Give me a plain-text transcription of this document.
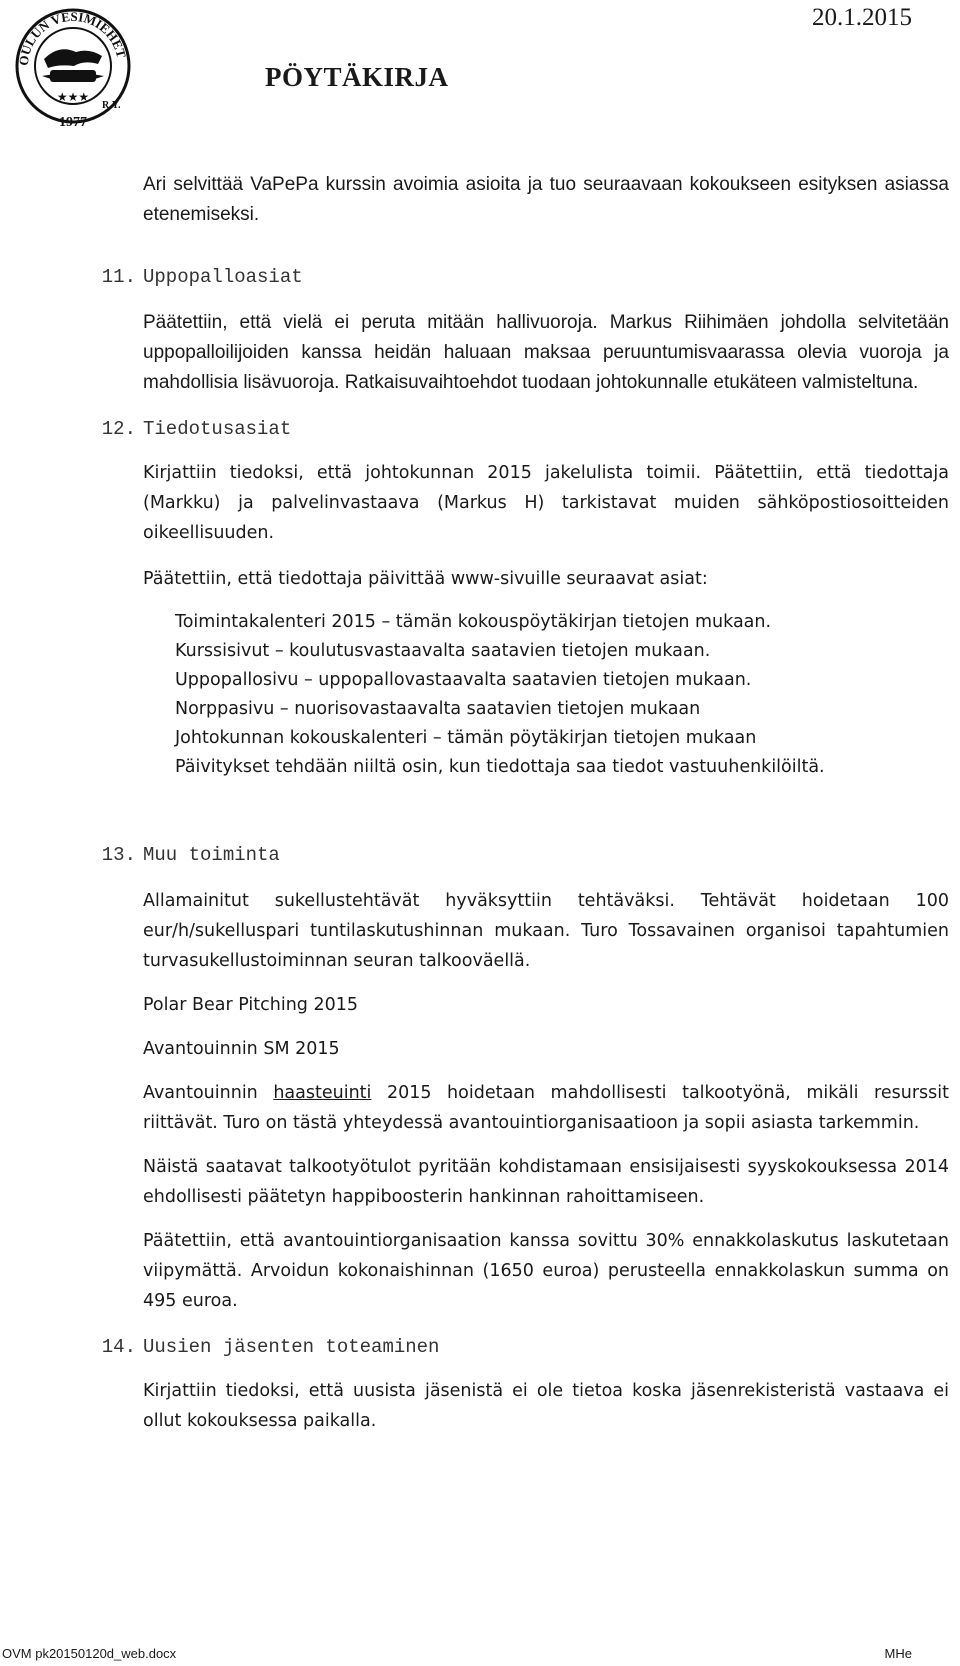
OULUN VESIMIEHET
R.Y.
★★★
1977
PÖYTÄKIRJA
20.1.2015

Ari selvittää VaPePa kurssin avoimia asioita ja tuo seuraavaan kokoukseen esityksen asiassa etenemiseksi.

11. Uppopalloasiat

Päätettiin, että vielä ei peruta mitään hallivuoroja. Markus Riihimäen johdolla selvitetään uppopalloilijoiden kanssa heidän haluaan maksaa peruuntumisvaarassa olevia vuoroja ja mahdollisia lisävuoroja. Ratkaisuvaihtoehdot tuodaan johtokunnalle etukäteen valmisteltuna.

12. Tiedotusasiat

Kirjattiin tiedoksi, että johtokunnan 2015 jakelulista toimii. Päätettiin, että tiedottaja (Markku) ja palvelinvastaava (Markus H) tarkistavat muiden sähköpostiosoitteiden oikeellisuuden.

Päätettiin, että tiedottaja päivittää www-sivuille seuraavat asiat:

Toimintakalenteri 2015 – tämän kokouspöytäkirjan tietojen mukaan.
Kurssisivut – koulutusvastaavalta saatavien tietojen mukaan.
Uppopallosivu – uppopallovastaavalta saatavien tietojen mukaan.
Norppasivu – nuorisovastaavalta saatavien tietojen mukaan
Johtokunnan kokouskalenteri – tämän pöytäkirjan tietojen mukaan
Päivitykset tehdään niiltä osin, kun tiedottaja saa tiedot vastuuhenkilöiltä.
13. Muu toiminta

Allamainitut sukellustehtävät hyväksyttiin tehtäväksi. Tehtävät hoidetaan 100 eur/h/sukelluspari tuntilaskutushinnan mukaan. Turo Tossavainen organisoi tapahtumien turvasukellustoiminnan seuran talkooväellä.

Polar Bear Pitching 2015

Avantouinnin SM 2015

Avantouinnin haasteuinti 2015 hoidetaan mahdollisesti talkootyönä, mikäli resurssit riittävät. Turo on tästä yhteydessä avantouintiorganisaatioon ja sopii asiasta tarkemmin.

Näistä saatavat talkootyötulot pyritään kohdistamaan ensisijaisesti syyskokouksessa 2014 ehdollisesti päätetyn happiboosterin hankinnan rahoittamiseen.

Päätettiin, että avantouintiorganisaation kanssa sovittu 30% ennakkolaskutus laskutetaan viipymättä. Arvoidun kokonaishinnan (1650 euroa) perusteella ennakkolaskun summa on 495 euroa.

14. Uusien jäsenten toteaminen

Kirjattiin tiedoksi, että uusista jäsenistä ei ole tietoa koska jäsenrekisteristä vastaava ei ollut kokouksessa paikalla.

OVM pk20150120d_web.docx	MHe
